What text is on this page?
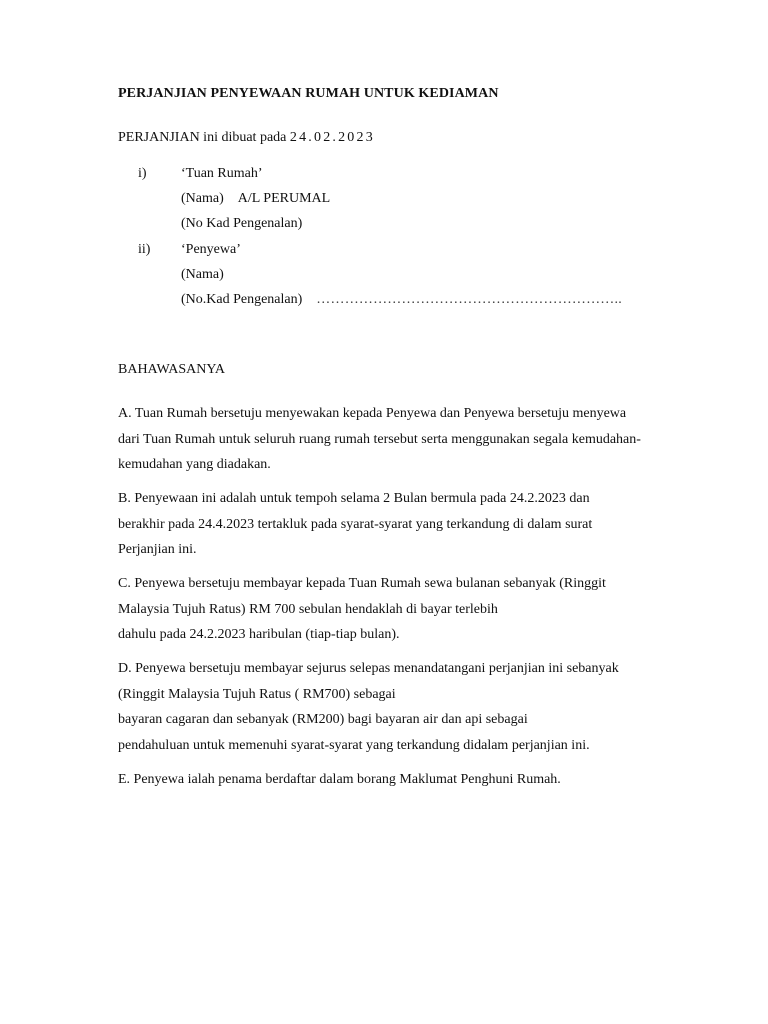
PERJANJIAN PENYEWAAN RUMAH UNTUK KEDIAMAN
PERJANJIAN ini dibuat pada 24.02.2023
i) ‘Tuan Rumah’
(Nama) A/L PERUMAL
(No Kad Pengenalan)
ii) ‘Penyewa’
(Nama)
(No.Kad Pengenalan) ………………………………………………………..
BAHAWASANYA
A. Tuan Rumah bersetuju menyewakan kepada Penyewa dan Penyewa bersetuju menyewa
dari Tuan Rumah untuk seluruh ruang rumah tersebut serta menggunakan segala kemudahan-
kemudahan yang diadakan.
B. Penyewaan ini adalah untuk tempoh selama 2 Bulan bermula pada 24.2.2023 dan
berakhir pada 24.4.2023 tertakluk pada syarat-syarat yang terkandung di dalam surat
Perjanjian ini.
C. Penyewa bersetuju membayar kepada Tuan Rumah sewa bulanan sebanyak (Ringgit
Malaysia Tujuh Ratus) RM 700 sebulan hendaklah di bayar terlebih
dahulu pada 24.2.2023 haribulan (tiap-tiap bulan).
D. Penyewa bersetuju membayar sejurus selepas menandatangani perjanjian ini sebanyak
(Ringgit Malaysia Tujuh Ratus ( RM700) sebagai
bayaran cagaran dan sebanyak (RM200) bagi bayaran air dan api sebagai
pendahuluan untuk memenuhi syarat-syarat yang terkandung didalam perjanjian ini.
E. Penyewa ialah penama berdaftar dalam borang Maklumat Penghuni Rumah.
